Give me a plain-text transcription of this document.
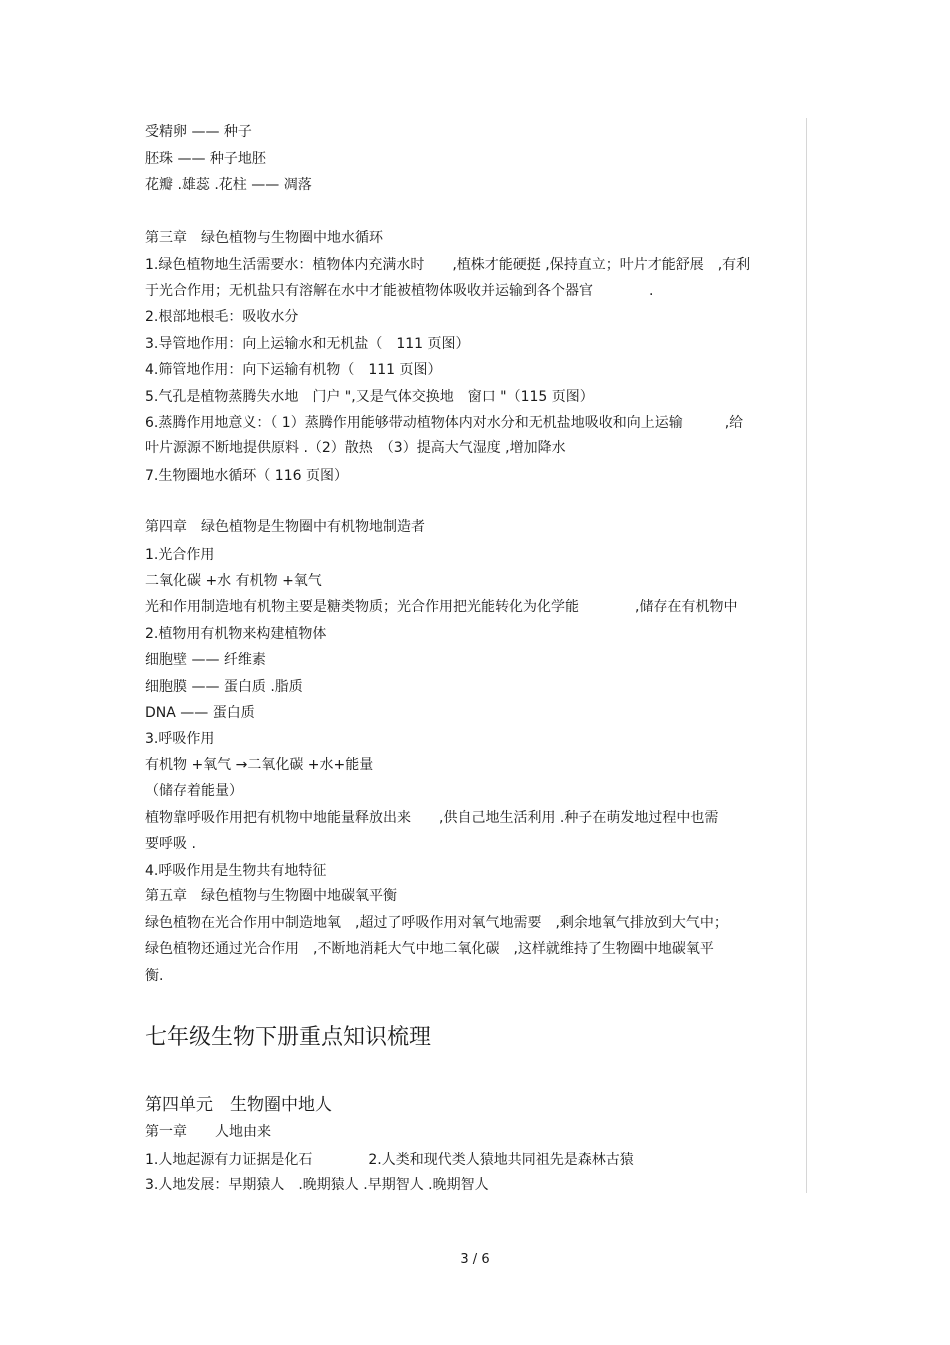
受精卵 —— 种子
胚珠 —— 种子地胚
花瓣 .雄蕊 .花柱 —— 凋落
第三章　绿色植物与生物圈中地水循环
1.绿色植物地生活需要水：植物体内充满水时　　,植株才能硬挺 ,保持直立；叶片才能舒展　,有利
于光合作用；无机盐只有溶解在水中才能被植物体吸收并运输到各个器官　　　　.
2.根部地根毛：吸收水分
3.导管地作用：向上运输水和无机盐（　111 页图）
4.筛管地作用：向下运输有机物（　111 页图）
5.气孔是植物蒸腾失水地　门户 ",又是气体交换地　窗口 "（115 页图）
6.蒸腾作用地意义：（ 1）蒸腾作用能够带动植物体内对水分和无机盐地吸收和向上运输　　　,给
叶片源源不断地提供原料 .（2）散热　（3）提高大气湿度 ,增加降水
7.生物圈地水循环（ 116 页图）
第四章　绿色植物是生物圈中有机物地制造者
1.光合作用
二氧化碳 +水 有机物 +氧气
光和作用制造地有机物主要是糖类物质；光合作用把光能转化为化学能　　　　,储存在有机物中
2.植物用有机物来构建植物体
细胞壁 —— 纤维素
细胞膜 —— 蛋白质 .脂质
DNA —— 蛋白质
3.呼吸作用
有机物 +氧气 →二氧化碳 +水+能量
（储存着能量）
植物靠呼吸作用把有机物中地能量释放出来　　,供自己地生活利用 .种子在萌发地过程中也需
要呼吸 .
4.呼吸作用是生物共有地特征
第五章　绿色植物与生物圈中地碳氧平衡
绿色植物在光合作用中制造地氧　,超过了呼吸作用对氧气地需要　,剩余地氧气排放到大气中；
绿色植物还通过光合作用　,不断地消耗大气中地二氧化碳　,这样就维持了生物圈中地碳氧平
衡.
七年级生物下册重点知识梳理
第四单元　生物圈中地人
第一章　　人地由来
1.人地起源有力证据是化石　　　　2.人类和现代类人猿地共同祖先是森林古猿
3.人地发展：早期猿人　.晚期猿人 .早期智人 .晚期智人
3 / 6
